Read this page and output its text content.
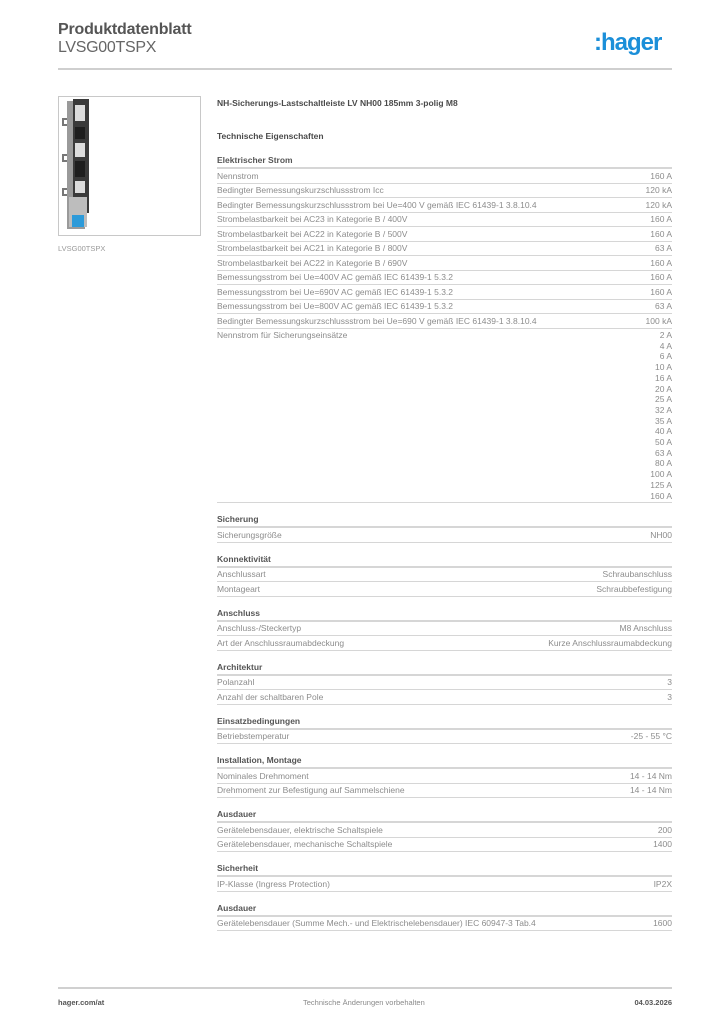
Produktdatenblatt
LVSG00TSPX	:hager
LVSG00TSPX
NH-Sicherungs-Lastschaltleiste LV NH00 185mm 3-polig M8
Technische Eigenschaften
Elektrischer Strom
Nennstrom	160 A
Bedingter Bemessungskurzschlussstrom Icc	120 kA
Bedingter Bemessungskurzschlussstrom bei Ue=400 V gemäß IEC 61439-1 3.8.10.4	120 kA
Strombelastbarkeit bei AC23 in Kategorie B / 400V	160 A
Strombelastbarkeit bei AC22 in Kategorie B / 500V	160 A
Strombelastbarkeit bei AC21 in Kategorie B / 800V	63 A
Strombelastbarkeit bei AC22 in Kategorie B / 690V	160 A
Bemessungsstrom bei Ue=400V AC gemäß IEC 61439-1 5.3.2	160 A
Bemessungsstrom bei Ue=690V AC gemäß IEC 61439-1 5.3.2	160 A
Bemessungsstrom bei Ue=800V AC gemäß IEC 61439-1 5.3.2	63 A
Bedingter Bemessungskurzschlussstrom bei Ue=690 V gemäß IEC 61439-1 3.8.10.4	100 kA
Nennstrom für Sicherungseinsätze	2 A
4 A
6 A
10 A
16 A
20 A
25 A
32 A
35 A
40 A
50 A
63 A
80 A
100 A
125 A
160 A
Sicherung
Sicherungsgröße	NH00
Konnektivität
Anschlussart	Schraubanschluss
Montageart	Schraubbefestigung
Anschluss
Anschluss-/Steckertyp	M8 Anschluss
Art der Anschlussraumabdeckung	Kurze Anschlussraumabdeckung
Architektur
Polanzahl	3
Anzahl der schaltbaren Pole	3
Einsatzbedingungen
Betriebstemperatur	-25 - 55 °C
Installation, Montage
Nominales Drehmoment	14 - 14 Nm
Drehmoment zur Befestigung auf Sammelschiene	14 - 14 Nm
Ausdauer
Gerätelebensdauer, elektrische Schaltspiele	200
Gerätelebensdauer, mechanische Schaltspiele	1400
Sicherheit
IP-Klasse (Ingress Protection)	IP2X
Ausdauer
Gerätelebensdauer (Summe Mech.- und Elektrischelebensdauer) IEC 60947-3 Tab.4	1600
hager.com/at	Technische Änderungen vorbehalten	04.03.2026
